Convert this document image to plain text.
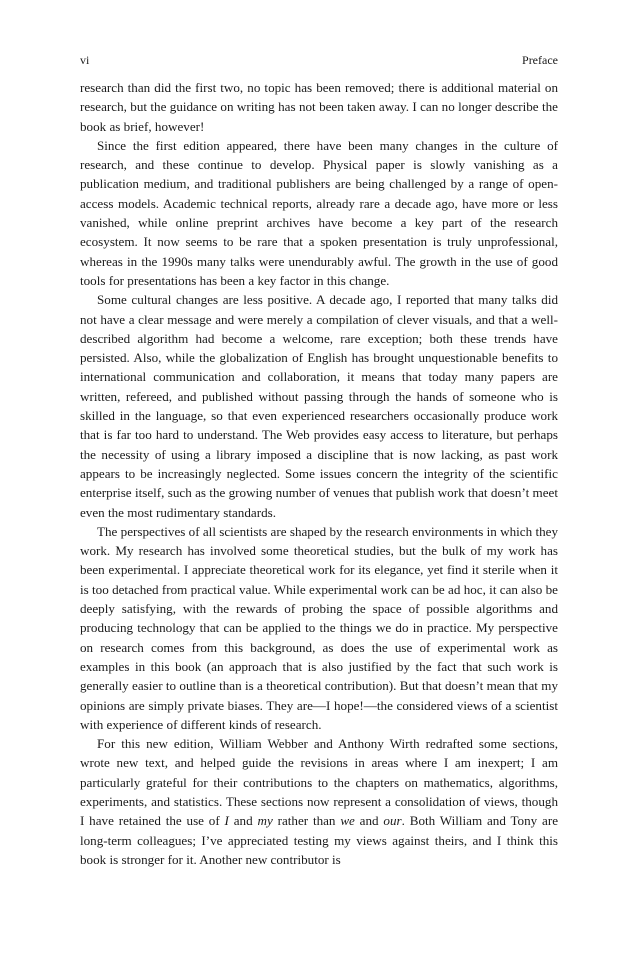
vi	Preface

research than did the first two, no topic has been removed; there is additional material on research, but the guidance on writing has not been taken away. I can no longer describe the book as brief, however!

Since the first edition appeared, there have been many changes in the culture of research, and these continue to develop. Physical paper is slowly vanishing as a publication medium, and traditional publishers are being challenged by a range of open-access models. Academic technical reports, already rare a decade ago, have more or less vanished, while online preprint archives have become a key part of the research ecosystem. It now seems to be rare that a spoken presentation is truly unprofessional, whereas in the 1990s many talks were unendurably awful. The growth in the use of good tools for presentations has been a key factor in this change.

Some cultural changes are less positive. A decade ago, I reported that many talks did not have a clear message and were merely a compilation of clever visuals, and that a well-described algorithm had become a welcome, rare exception; both these trends have persisted. Also, while the globalization of English has brought unquestionable benefits to international communication and collaboration, it means that today many papers are written, refereed, and published without passing through the hands of someone who is skilled in the language, so that even experienced researchers occasionally produce work that is far too hard to understand. The Web provides easy access to literature, but perhaps the necessity of using a library imposed a discipline that is now lacking, as past work appears to be increasingly neglected. Some issues concern the integrity of the scientific enterprise itself, such as the growing number of venues that publish work that doesn’t meet even the most rudimentary standards.

The perspectives of all scientists are shaped by the research environments in which they work. My research has involved some theoretical studies, but the bulk of my work has been experimental. I appreciate theoretical work for its elegance, yet find it sterile when it is too detached from practical value. While experimental work can be ad hoc, it can also be deeply satisfying, with the rewards of probing the space of possible algorithms and producing technology that can be applied to the things we do in practice. My perspective on research comes from this background, as does the use of experimental work as examples in this book (an approach that is also justified by the fact that such work is generally easier to outline than is a theoretical contribution). But that doesn’t mean that my opinions are simply private biases. They are—I hope!—the considered views of a scientist with experience of different kinds of research.

For this new edition, William Webber and Anthony Wirth redrafted some sections, wrote new text, and helped guide the revisions in areas where I am inexpert; I am particularly grateful for their contributions to the chapters on mathematics, algorithms, experiments, and statistics. These sections now represent a consolidation of views, though I have retained the use of I and my rather than we and our. Both William and Tony are long-term colleagues; I’ve appreciated testing my views against theirs, and I think this book is stronger for it. Another new contributor is
